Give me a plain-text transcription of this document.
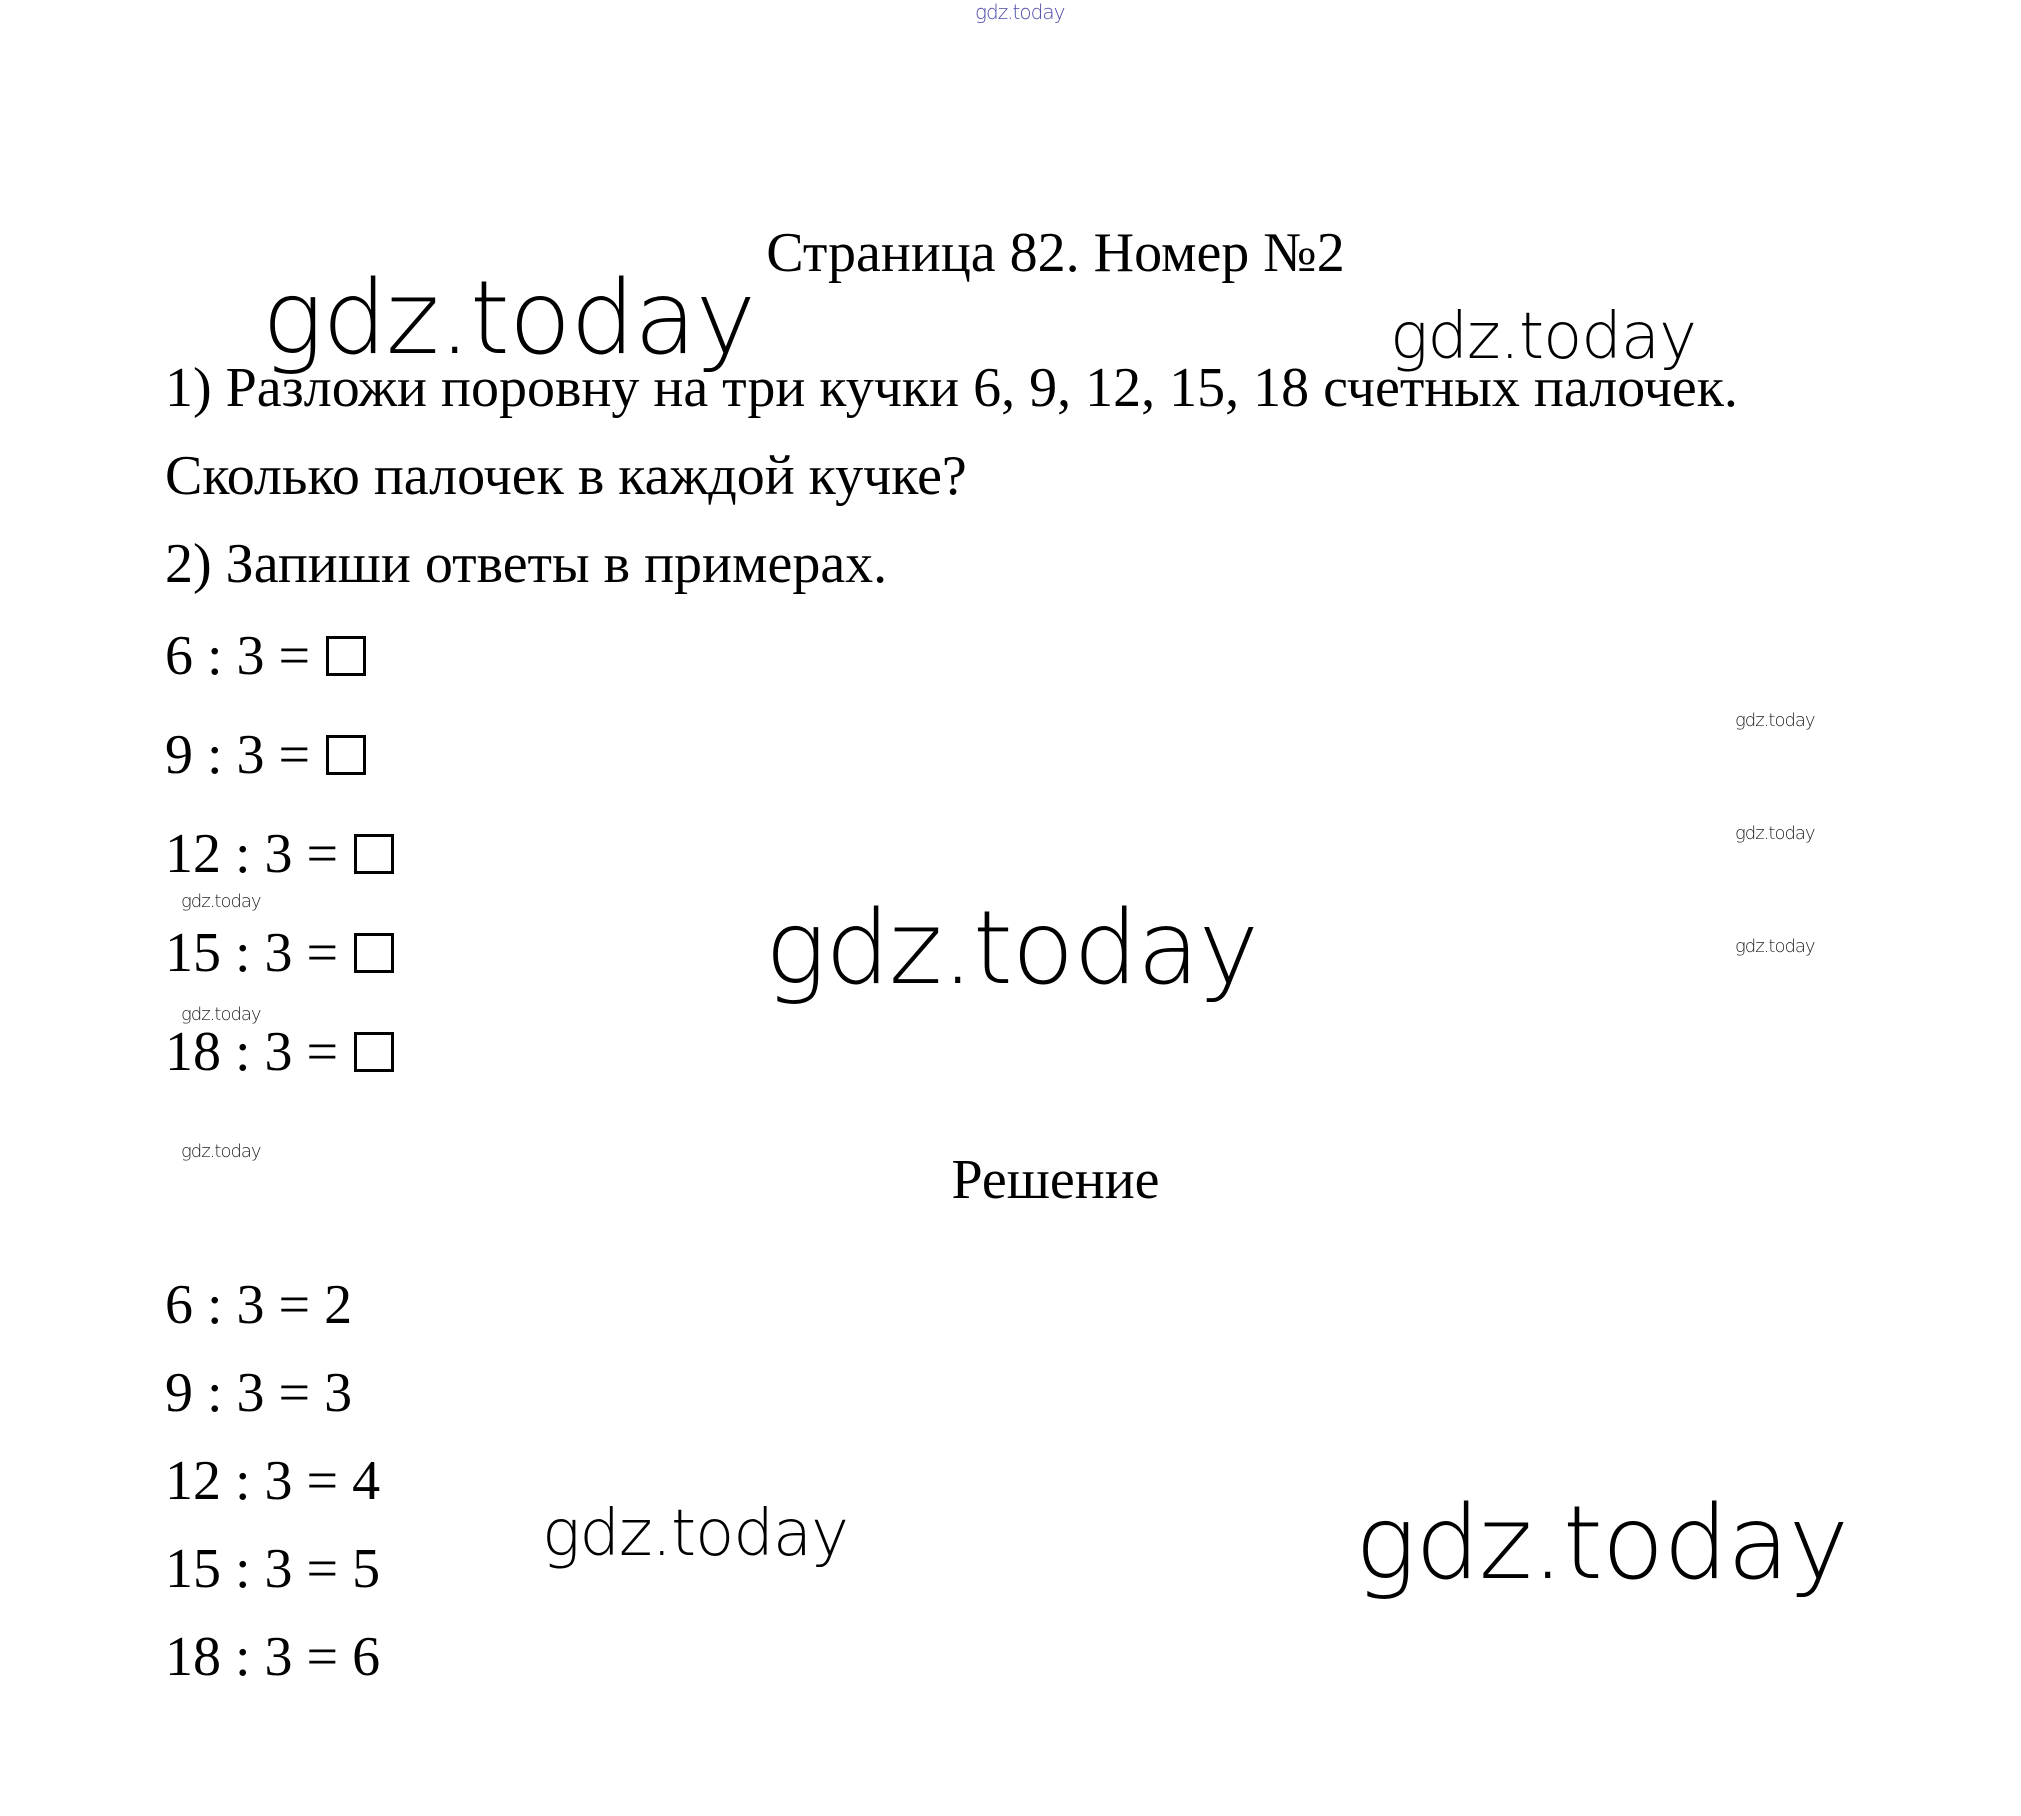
gdz.today
gdz.today	gdz.today
gdz.today
gdz.today	gdz.today
gdz.today
gdz.today
gdz.today
gdz.today
gdz.today
gdz.today
Страница 82. Номер №2
1) Разложи поровну на три кучки 6, 9, 12, 15, 18 счетных палочек.
Сколько палочек в каждой кучке?
2) Запиши ответы в примерах.
6 : 3 =
9 : 3 =
12 : 3 =
15 : 3 =
18 : 3 =
Решение
6 : 3 = 2
9 : 3 = 3
12 : 3 = 4
15 : 3 = 5
18 : 3 = 6
